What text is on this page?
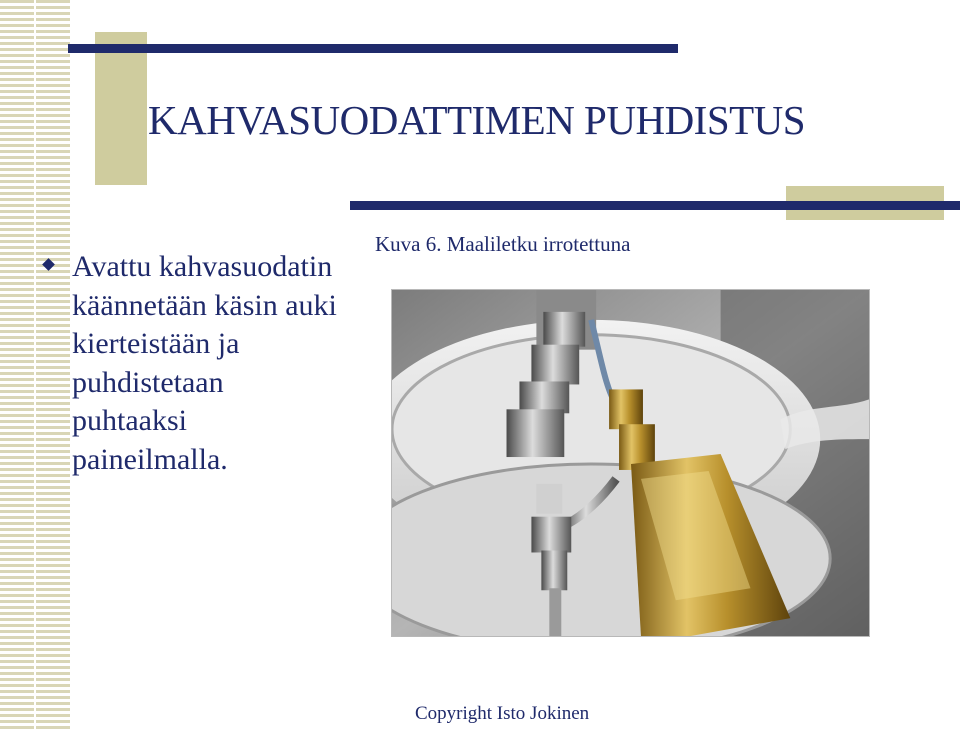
KAHVASUODATTIMEN PUHDISTUS

Avattu kahvasuodatin käännetään käsin auki kierteistään ja puhdistetaan puhtaaksi paineilmalla.

Kuva 6. Maaliletku irrotettuna

Copyright Isto Jokinen
